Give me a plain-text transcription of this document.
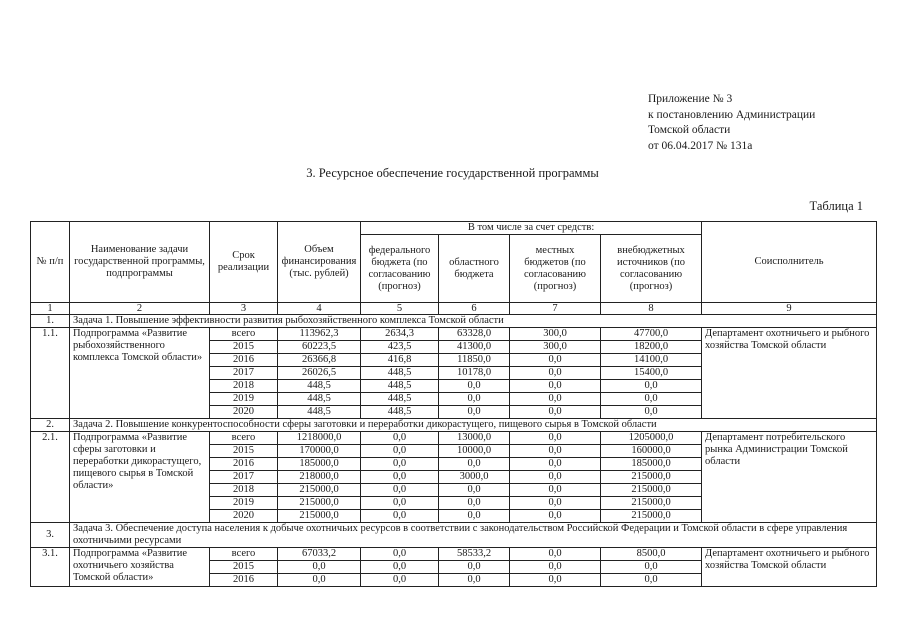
Приложение № 3
к постановлению Администрации
Томской области
от 06.04.2017 № 131а
3. Ресурсное обеспечение государственной программы
Таблица 1
№ п/п	Наименование задачи государственной программы, подпрограммы	Срок реализации	Объем финансирования (тыс. рублей)	В том числе за счет средств:				Соисполнитель
				федерального бюджета (по согласованию (прогноз)	областного бюджета	местных бюджетов (по согласованию (прогноз)	внебюджетных источников (по согласованию (прогноз)	
1	2	3	4	5	6	7	8	9
1.	Задача 1. Повышение эффективности развития рыбохозяйственного комплекса Томской области							
1.1.	Подпрограмма «Развитие рыбохозяйственного комплекса Томской области»	всего	113962,3	2634,3	63328,0	300,0	47700,0	Департамент охотничьего и рыбного хозяйства Томской области
		2015	60223,5	423,5	41300,0	300,0	18200,0	
		2016	26366,8	416,8	11850,0	0,0	14100,0	
		2017	26026,5	448,5	10178,0	0,0	15400,0	
		2018	448,5	448,5	0,0	0,0	0,0	
		2019	448,5	448,5	0,0	0,0	0,0	
		2020	448,5	448,5	0,0	0,0	0,0	
2.	Задача 2. Повышение конкурентоспособности сферы заготовки и переработки дикорастущего, пищевого сырья в Томской области							
2.1.	Подпрограмма «Развитие сферы заготовки и переработки дикорастущего, пищевого сырья в Томской области»	всего	1218000,0	0,0	13000,0	0,0	1205000,0	Департамент потребительского рынка Администрации Томской области
		2015	170000,0	0,0	10000,0	0,0	160000,0	
		2016	185000,0	0,0	0,0	0,0	185000,0	
		2017	218000,0	0,0	3000,0	0,0	215000,0	
		2018	215000,0	0,0	0,0	0,0	215000,0	
		2019	215000,0	0,0	0,0	0,0	215000,0	
		2020	215000,0	0,0	0,0	0,0	215000,0	
3.	Задача 3. Обеспечение доступа населения к добыче охотничьих ресурсов в соответствии с законодательством Российской Федерации и Томской области в сфере управления охотничьими ресурсами							
3.1.	Подпрограмма «Развитие охотничьего хозяйства Томской области»	всего	67033,2	0,0	58533,2	0,0	8500,0	Департамент охотничьего и рыбного хозяйства Томской области
		2015	0,0	0,0	0,0	0,0	0,0	
		2016	0,0	0,0	0,0	0,0	0,0	
